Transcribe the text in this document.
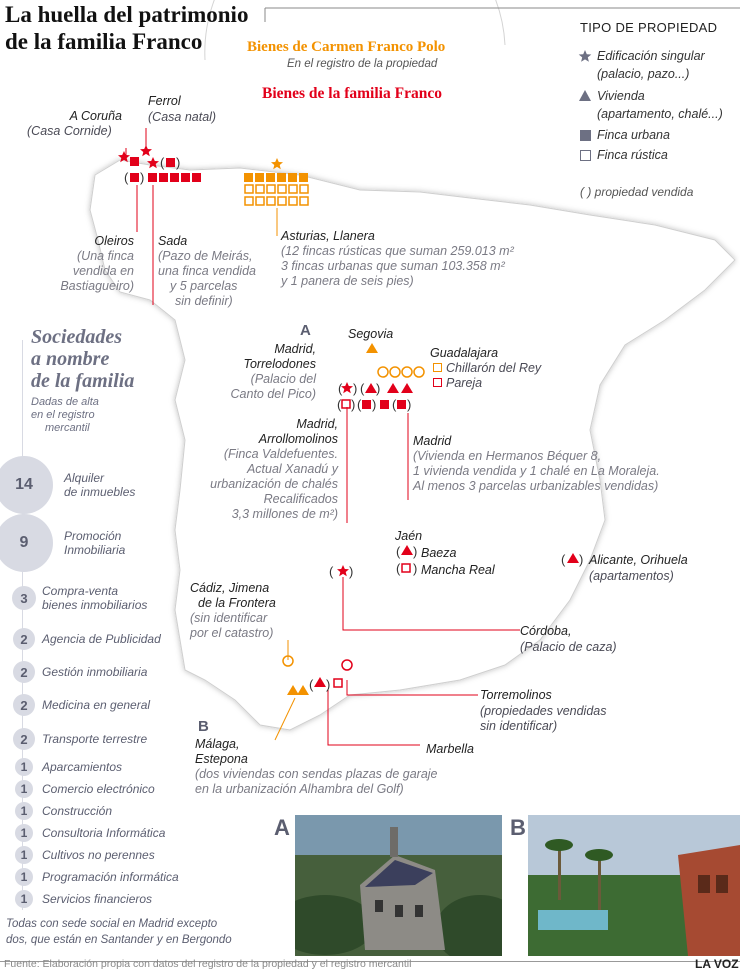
La huella del patrimonio de la familia Franco	Bienes de Carmen Franco Polo
En el registro de la propiedad
Bienes de la familia Franco
TIPO DE PROPIEDAD
Edificación singular
(palacio, pazo...)
Vivienda
(apartamento, chalé...)
Finca urbana
Finca rústica
( ) propiedad vendida
( )
( )
( ) ( )
( ) ( ) ( )
( )
( )
( )
( )
( )
A Coruña
(Casa Cornide)
Ferrol
(Casa natal)
Oleiros
(Una finca
vendida en
Bastiagueiro)
Sada
(Pazo de Meirás,
una finca vendida
y 5 parcelas
sin definir)
Asturias, Llanera
(12 fincas rústicas que suman 259.013 m²
3 fincas urbanas que suman 103.358 m²
y 1 panera de seis pies)
A
Madrid,
Torrelodones
(Palacio del
Canto del Pico)
Segovia
Guadalajara
Chillarón del Rey
Pareja
Madrid,
Arrollomolinos
(Finca Valdefuentes.
Actual Xanadú y
urbanización de chalés
Recalificados
3,3 millones de m²)
Madrid
(Vivienda en Hermanos Béquer 8,
1 vivienda vendida y 1 chalé en La Moraleja.
Al menos 3 parcelas urbanizables vendidas)
Jaén
Baeza
Mancha Real
Alicante, Orihuela
(apartamentos)
Cádiz, Jimena
de la Frontera
(sin identificar
por el catastro)	Córdoba,
(Palacio de caza)
Torremolinos
(propiedades vendidas
sin identificar)
Marbella
B
Málaga,
Estepona
(dos viviendas con sendas plazas de garaje
en la urbanización Alhambra del Golf)
Sociedades
a nombre
de la familia
Dadas de alta
en el registro
mercantil
14	Alquiler
de inmuebles
9	Promoción
Inmobiliaria
3	Compra-venta
bienes inmobiliarios
2	Agencia de Publicidad
2	Gestión inmobiliaria
2	Medicina en general
2	Transporte terrestre
1	Aparcamientos
1	Comercio electrónico
1	Construcción
1	Consultoria Informática
1	Cultivos no perennes
1	Programación informática
1	Servicios financieros
Todas con sede social en Madrid excepto
dos, que están en Santander y en Bergondo
A	B
Fuente: Elaboración propia con datos del registro de la propiedad y el registro mercantil	LA VOZ
